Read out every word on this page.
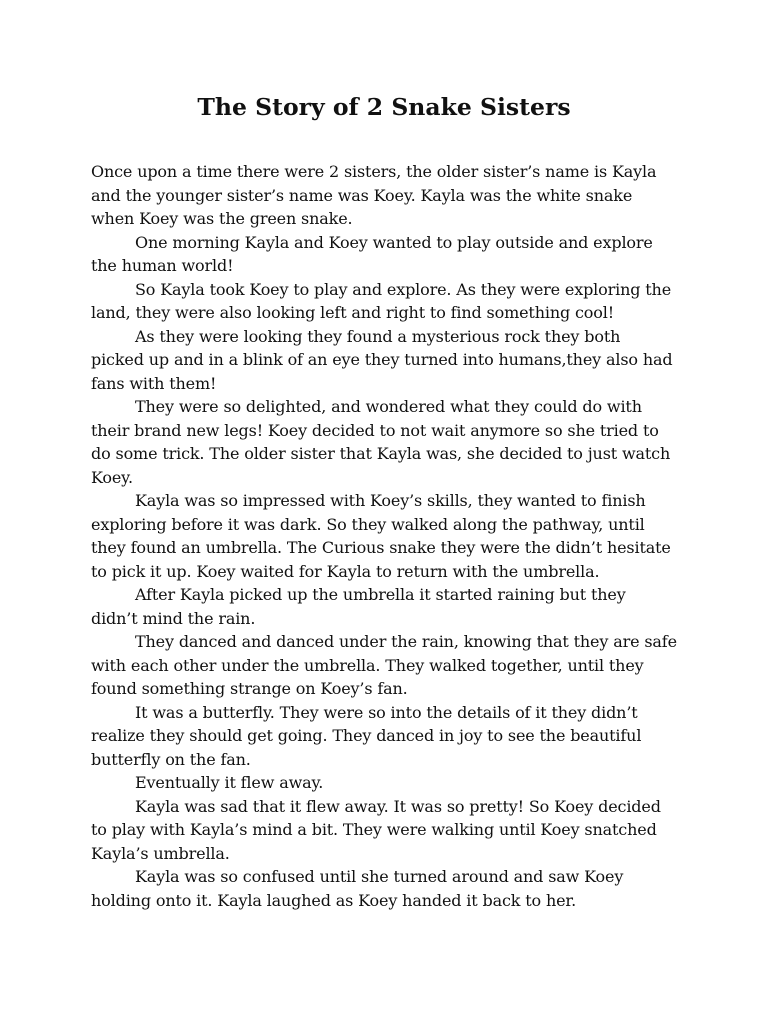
The Story of 2 Snake Sisters

Once upon a time there were 2 sisters, the older sister’s name is Kayla and the younger sister’s name was Koey. Kayla was the white snake when Koey was the green snake.

One morning Kayla and Koey wanted to play outside and explore the human world!

So Kayla took Koey to play and explore. As they were exploring the land, they were also looking left and right to find something cool!

As they were looking they found a mysterious rock they both picked up and in a blink of an eye they turned into humans,they also had fans with them!

They were so delighted, and wondered what they could do with their brand new legs! Koey decided to not wait anymore so she tried to do some trick. The older sister that Kayla was, she decided to just watch Koey.

Kayla was so impressed with Koey’s skills, they wanted to finish exploring before it was dark. So they walked along the pathway, until they found an umbrella. The Curious snake they were the didn’t hesitate to pick it up. Koey waited for Kayla to return with the umbrella.

After Kayla picked up the umbrella it started raining but they didn’t mind the rain.

They danced and danced under the rain, knowing that they are safe with each other under the umbrella. They walked together, until they found something strange on Koey’s fan.

It was a butterfly. They were so into the details of it they didn’t realize they should get going. They danced in joy to see the beautiful butterfly on the fan.

Eventually it flew away.

Kayla was sad that it flew away. It was so pretty! So Koey decided to play with Kayla’s mind a bit. They were walking until Koey snatched Kayla’s umbrella.

Kayla was so confused until she turned around and saw Koey holding onto it. Kayla laughed as Koey handed it back to her.
